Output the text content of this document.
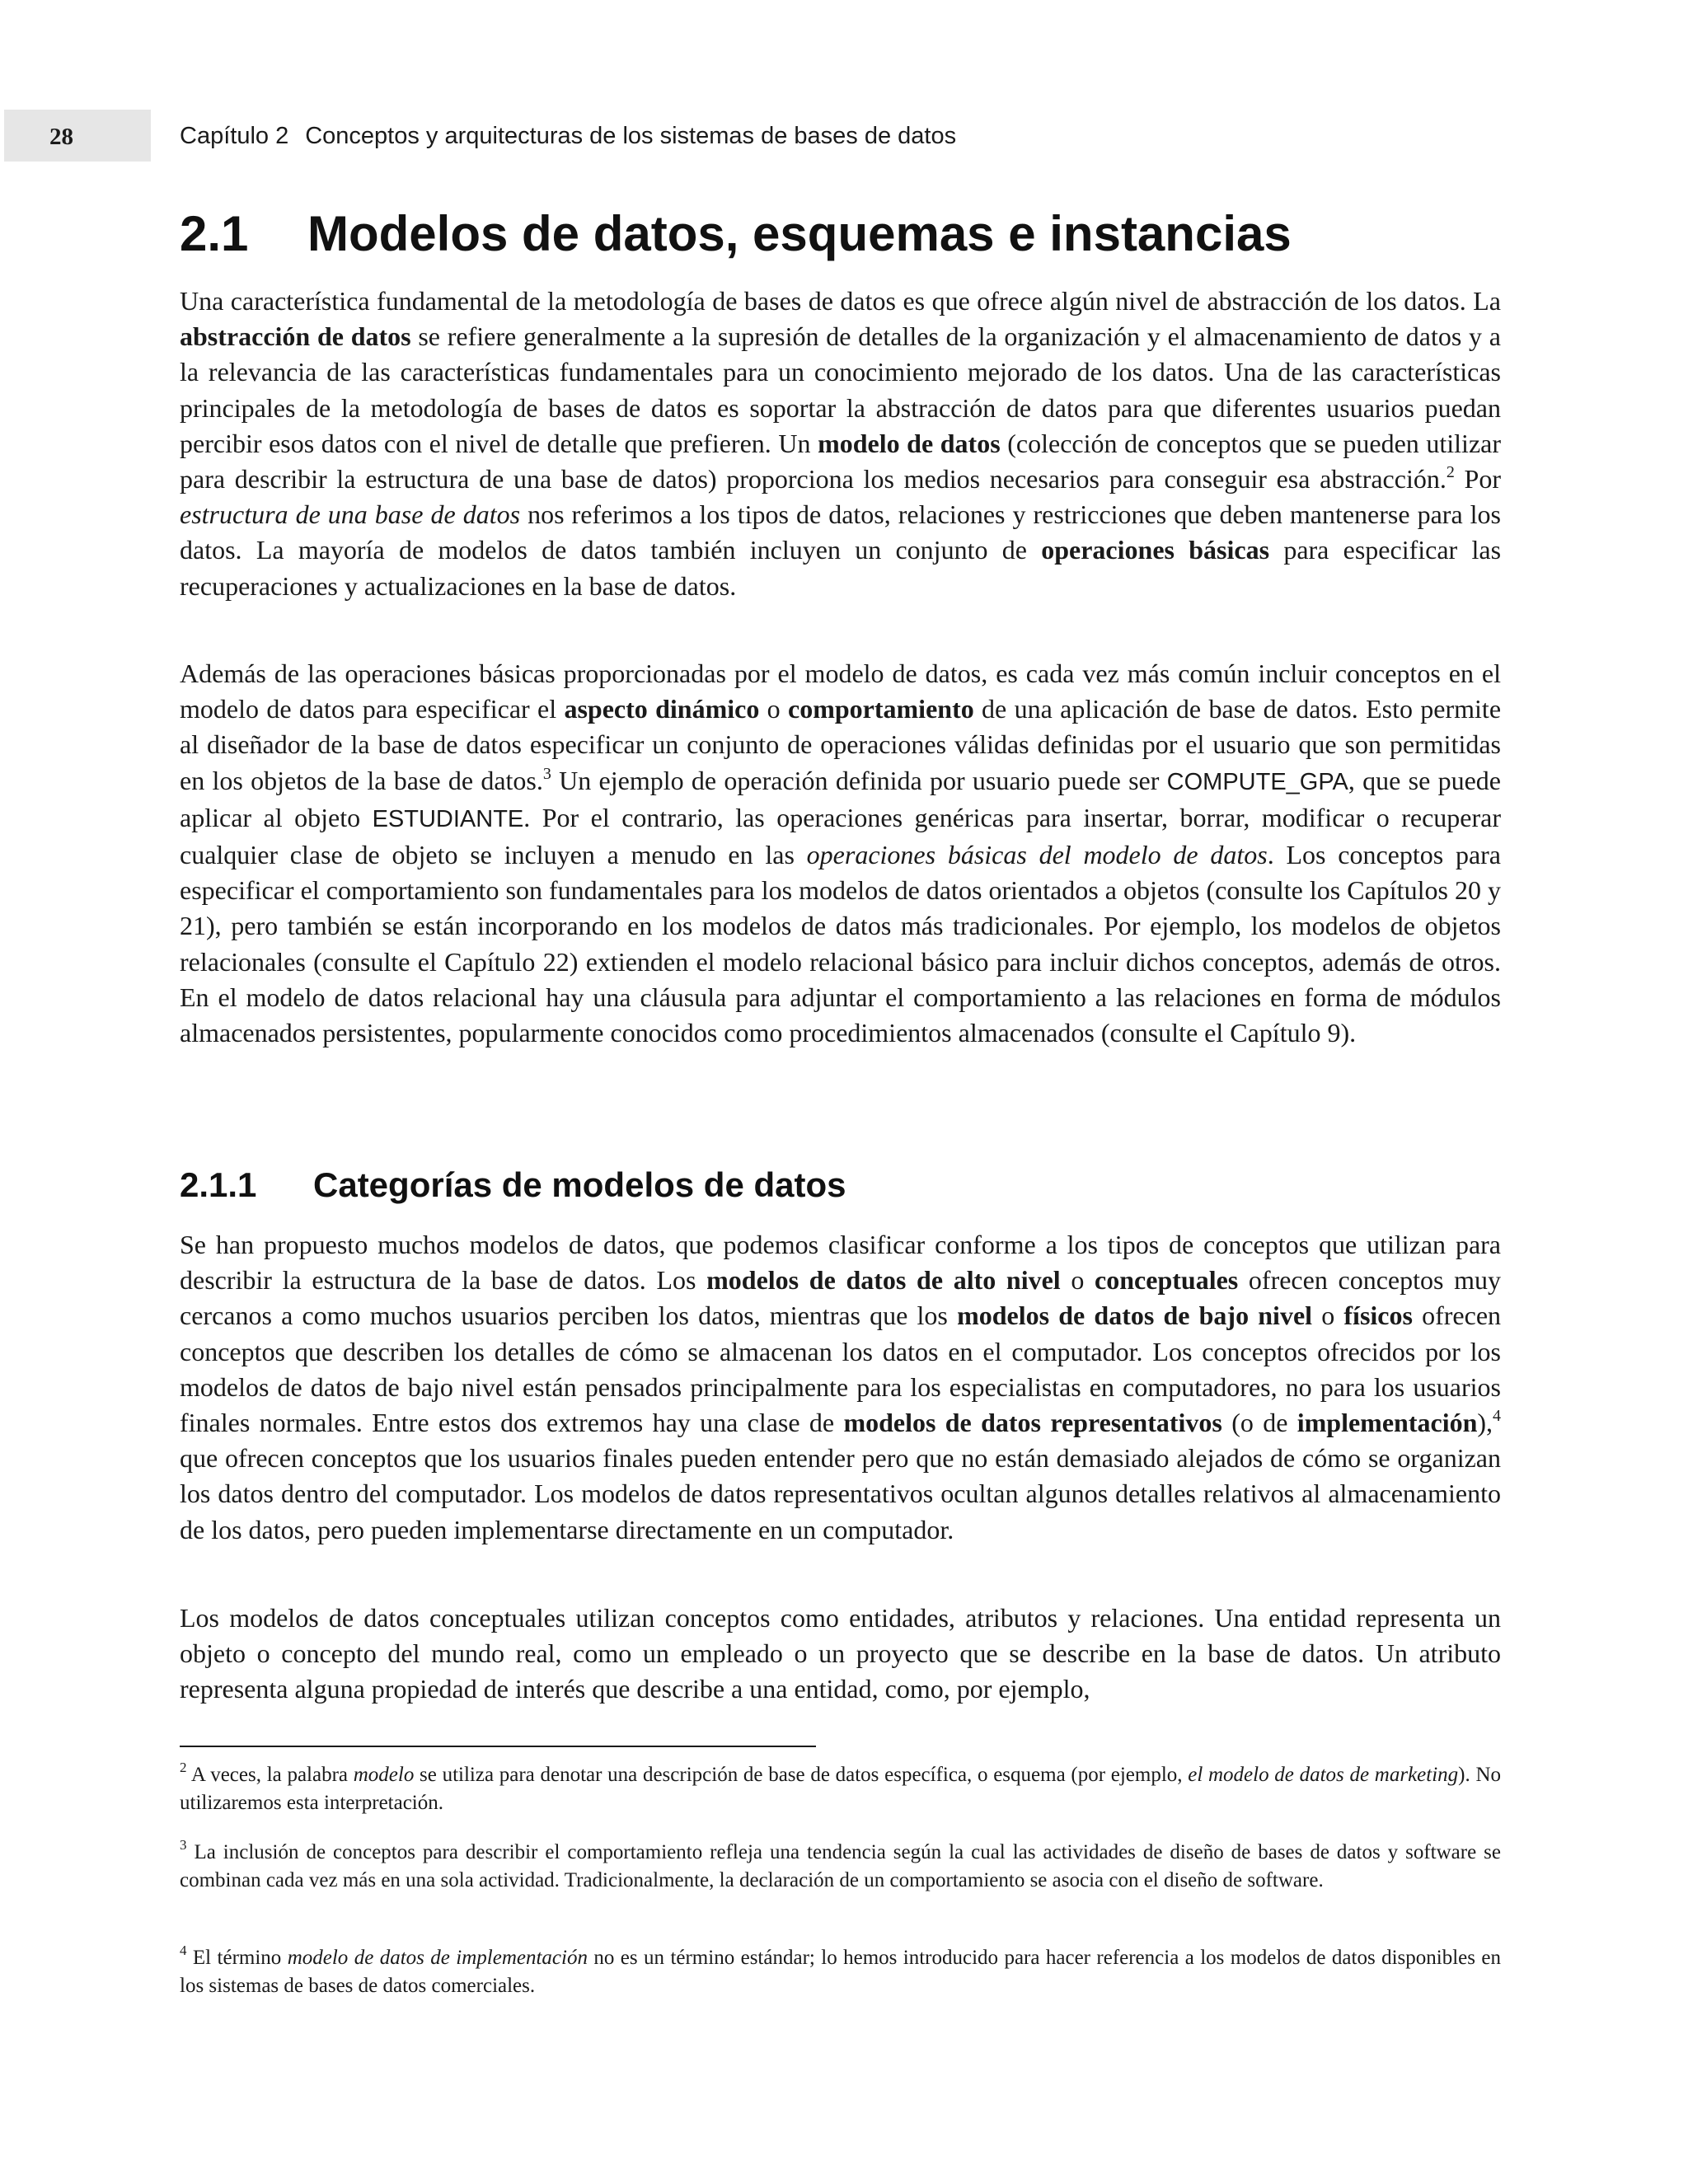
28	Capítulo 2 Conceptos y arquitecturas de los sistemas de bases de datos
2.1 Modelos de datos, esquemas e instancias

Una característica fundamental de la metodología de bases de datos es que ofrece algún nivel de abstracción de los datos. La abstracción de datos se refiere generalmente a la supresión de detalles de la organización y el almacenamiento de datos y a la relevancia de las características fundamentales para un conocimiento mejorado de los datos. Una de las características principales de la metodología de bases de datos es soportar la abstracción de datos para que diferentes usuarios puedan percibir esos datos con el nivel de detalle que prefieren. Un modelo de datos (colección de conceptos que se pueden utilizar para describir la estructura de una base de datos) proporciona los medios necesarios para conseguir esa abstracción.$^2$ Por estructura de una base de datos nos referimos a los tipos de datos, relaciones y restricciones que deben mantenerse para los datos. La mayoría de modelos de datos también incluyen un conjunto de operaciones básicas para especificar las recuperaciones y actualizaciones en la base de datos.

Además de las operaciones básicas proporcionadas por el modelo de datos, es cada vez más común incluir conceptos en el modelo de datos para especificar el aspecto dinámico o comportamiento de una aplicación de base de datos. Esto permite al diseñador de la base de datos especificar un conjunto de operaciones válidas definidas por el usuario que son permitidas en los objetos de la base de datos.$^3$ Un ejemplo de operación definida por usuario puede ser COMPUTE_GPA, que se puede aplicar al objeto ESTUDIANTE. Por el contrario, las operaciones genéricas para insertar, borrar, modificar o recuperar cualquier clase de objeto se incluyen a menudo en las operaciones básicas del modelo de datos. Los conceptos para especificar el comportamiento son fundamentales para los modelos de datos orientados a objetos (consulte los Capítulos 20 y 21), pero también se están incorporando en los modelos de datos más tradicionales. Por ejemplo, los modelos de objetos relacionales (consulte el Capítulo 22) extienden el modelo relacional básico para incluir dichos conceptos, además de otros. En el modelo de datos relacional hay una cláusula para adjuntar el comportamiento a las relaciones en forma de módulos almacenados persistentes, popularmente conocidos como procedimientos almacenados (consulte el Capítulo 9).

2.1.1 Categorías de modelos de datos

Se han propuesto muchos modelos de datos, que podemos clasificar conforme a los tipos de conceptos que utilizan para describir la estructura de la base de datos. Los modelos de datos de alto nivel o conceptuales ofrecen conceptos muy cercanos a como muchos usuarios perciben los datos, mientras que los modelos de datos de bajo nivel o físicos ofrecen conceptos que describen los detalles de cómo se almacenan los datos en el computador. Los conceptos ofrecidos por los modelos de datos de bajo nivel están pensados principalmente para los especialistas en computadores, no para los usuarios finales normales. Entre estos dos extremos hay una clase de modelos de datos representativos (o de implementación),$^4$ que ofrecen conceptos que los usuarios finales pueden entender pero que no están demasiado alejados de cómo se organizan los datos dentro del computador. Los modelos de datos representativos ocultan algunos detalles relativos al almacenamiento de los datos, pero pueden implementarse directamente en un computador.

Los modelos de datos conceptuales utilizan conceptos como entidades, atributos y relaciones. Una entidad representa un objeto o concepto del mundo real, como un empleado o un proyecto que se describe en la base de datos. Un atributo representa alguna propiedad de interés que describe a una entidad, como, por ejemplo,

$^2$ A veces, la palabra modelo se utiliza para denotar una descripción de base de datos específica, o esquema (por ejemplo, el modelo de datos de marketing). No utilizaremos esta interpretación.

$^3$ La inclusión de conceptos para describir el comportamiento refleja una tendencia según la cual las actividades de diseño de bases de datos y software se combinan cada vez más en una sola actividad. Tradicionalmente, la declaración de un comportamiento se asocia con el diseño de software.

$^4$ El término modelo de datos de implementación no es un término estándar; lo hemos introducido para hacer referencia a los modelos de datos disponibles en los sistemas de bases de datos comerciales.
